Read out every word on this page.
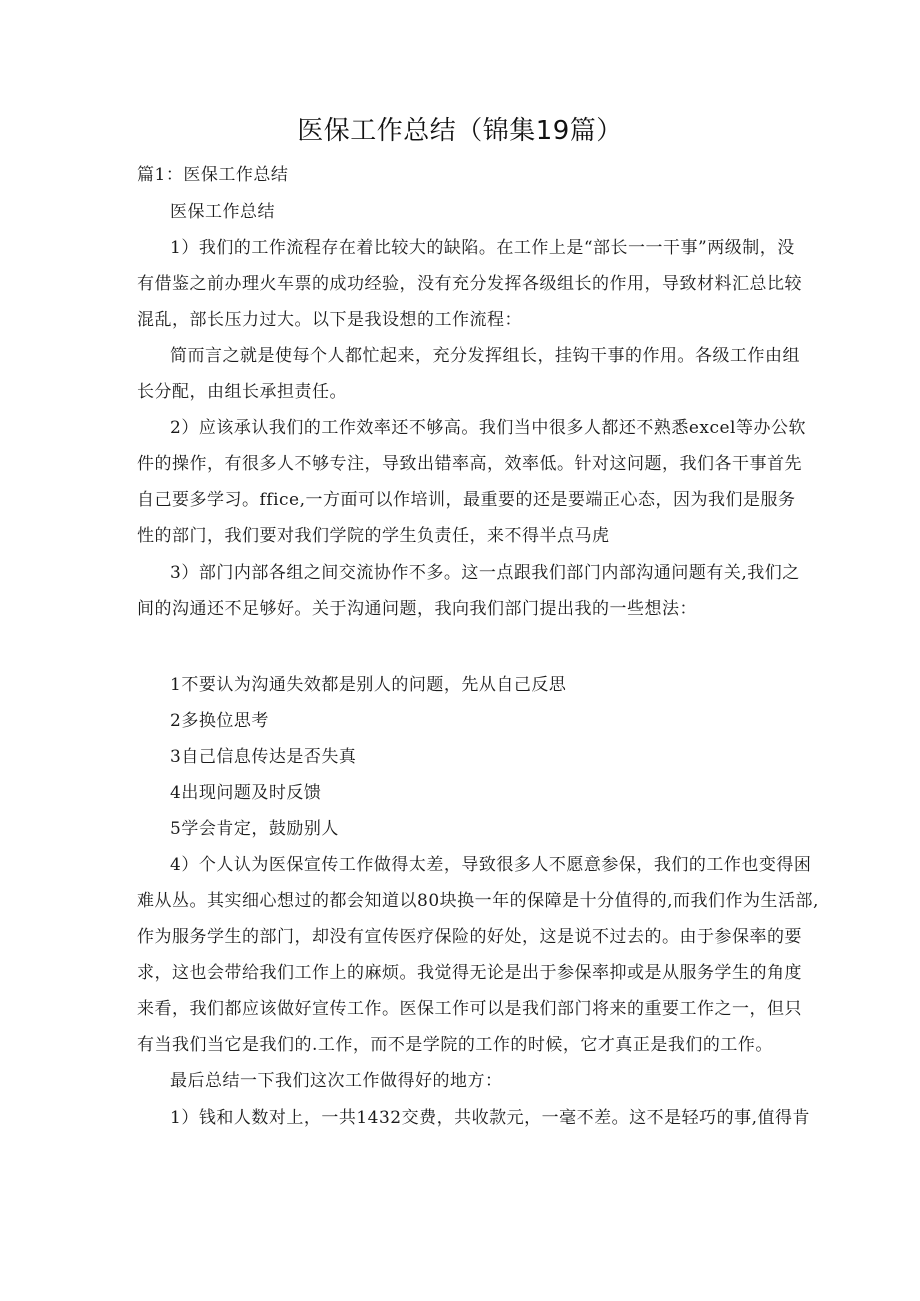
医保工作总结（锦集19篇）
篇1：医保工作总结
医保工作总结
1）我们的工作流程存在着比较大的缺陷。在工作上是“部长一一干事”两级制，没
有借鉴之前办理火车票的成功经验，没有充分发挥各级组长的作用，导致材料汇总比较
混乱，部长压力过大。以下是我设想的工作流程：
简而言之就是使每个人都忙起来，充分发挥组长，挂钩干事的作用。各级工作由组
长分配，由组长承担责任。
2）应该承认我们的工作效率还不够高。我们当中很多人都还不熟悉excel等办公软
件的操作，有很多人不够专注，导致出错率高，效率低。针对这问题，我们各干事首先
自己要多学习。ffice,一方面可以作培训，最重要的还是要端正心态，因为我们是服务
性的部门，我们要对我们学院的学生负责任，来不得半点马虎
3）部门内部各组之间交流协作不多。这一点跟我们部门内部沟通问题有关,我们之
间的沟通还不足够好。关于沟通问题，我向我们部门提出我的一些想法：
1不要认为沟通失效都是别人的问题，先从自己反思
2多换位思考
3自己信息传达是否失真
4出现问题及时反馈
5学会肯定，鼓励别人
4）个人认为医保宣传工作做得太差，导致很多人不愿意参保，我们的工作也变得困
难从丛。其实细心想过的都会知道以80块换一年的保障是十分值得的,而我们作为生活部,
作为服务学生的部门，却没有宣传医疗保险的好处，这是说不过去的。由于参保率的要
求，这也会带给我们工作上的麻烦。我觉得无论是出于参保率抑或是从服务学生的角度
来看，我们都应该做好宣传工作。医保工作可以是我们部门将来的重要工作之一，但只
有当我们当它是我们的.工作，而不是学院的工作的时候，它才真正是我们的工作。
最后总结一下我们这次工作做得好的地方：
1）钱和人数对上，一共1432交费，共收款元，一毫不差。这不是轻巧的事,值得肯
